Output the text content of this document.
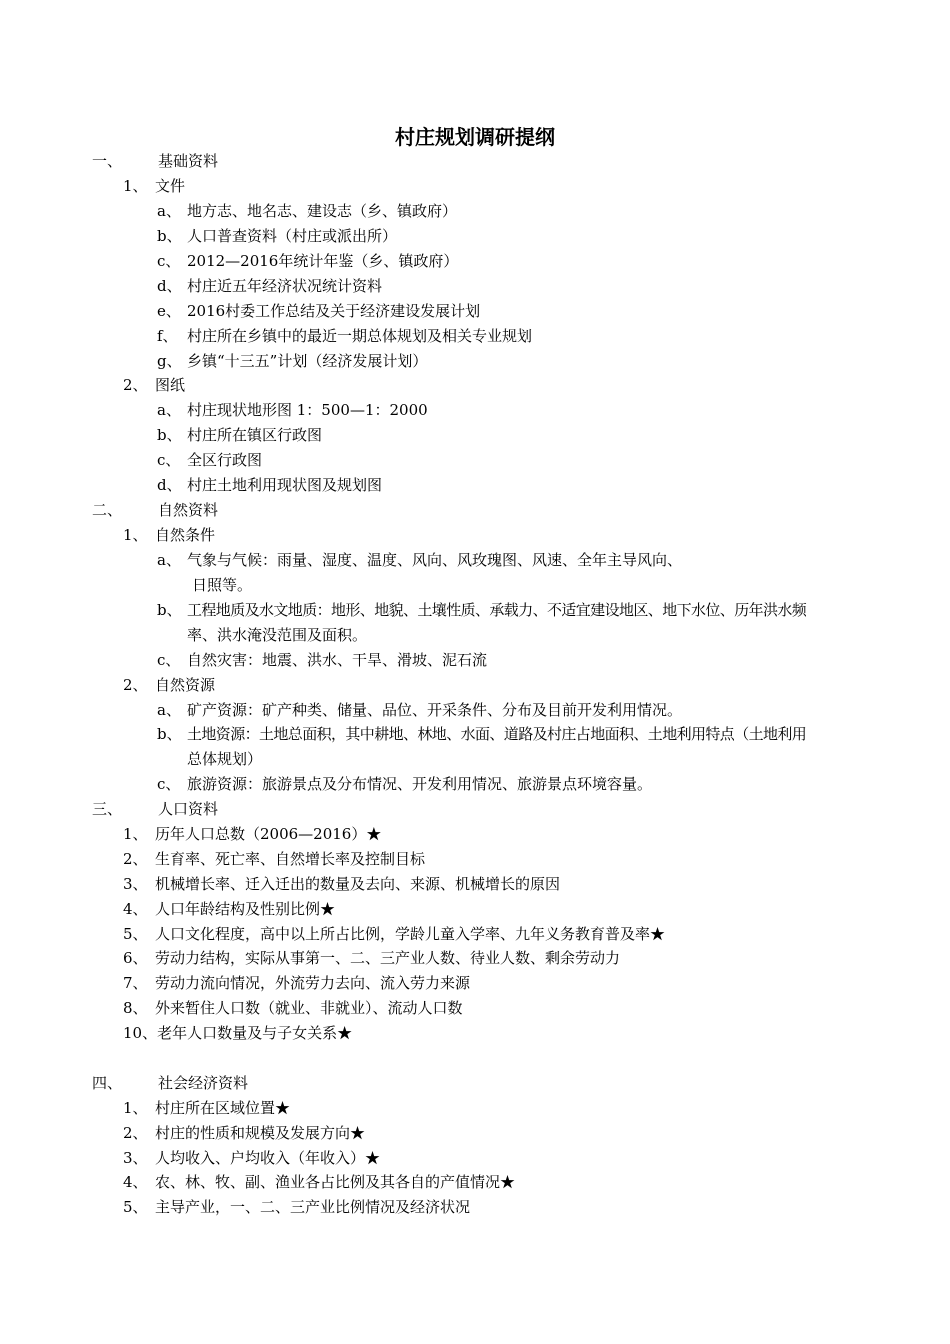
村庄规划调研提纲
一、 基础资料
1、 文件
a、 地方志、地名志、建设志（乡、镇政府）
b、 人口普查资料（村庄或派出所）
c、 2012—2016年统计年鉴（乡、镇政府）
d、 村庄近五年经济状况统计资料
e、 2016村委工作总结及关于经济建设发展计划
f、 村庄所在乡镇中的最近一期总体规划及相关专业规划
g、 乡镇“十三五”计划（经济发展计划）
2、 图纸
a、 村庄现状地形图 1：500—1：2000
b、 村庄所在镇区行政图
c、 全区行政图
d、 村庄土地利用现状图及规划图
二、 自然资料
1、 自然条件
a、 气象与气候：雨量、湿度、温度、风向、风玫瑰图、风速、全年主导风向、
日照等。
b、 工程地质及水文地质：地形、地貌、土壤性质、承载力、不适宜建设地区、地下水位、历年洪水频
率、洪水淹没范围及面积。
c、 自然灾害：地震、洪水、干旱、滑坡、泥石流
2、 自然资源
a、 矿产资源：矿产种类、储量、品位、开采条件、分布及目前开发利用情况。
b、 土地资源：土地总面积，其中耕地、林地、水面、道路及村庄占地面积、土地利用特点（土地利用
总体规划）
c、 旅游资源：旅游景点及分布情况、开发利用情况、旅游景点环境容量。
三、 人口资料
1、 历年人口总数（2006—2016）★
2、 生育率、死亡率、自然增长率及控制目标
3、 机械增长率、迁入迁出的数量及去向、来源、机械增长的原因
4、 人口年龄结构及性别比例★
5、 人口文化程度，高中以上所占比例，学龄儿童入学率、九年义务教育普及率★
6、 劳动力结构，实际从事第一、二、三产业人数、待业人数、剩余劳动力
7、 劳动力流向情况，外流劳力去向、流入劳力来源
8、 外来暂住人口数（就业、非就业）、流动人口数
10、老年人口数量及与子女关系★
四、 社会经济资料
1、 村庄所在区域位置★
2、 村庄的性质和规模及发展方向★
3、 人均收入、户均收入（年收入）★
4、 农、林、牧、副、渔业各占比例及其各自的产值情况★
5、 主导产业，一、二、三产业比例情况及经济状况
